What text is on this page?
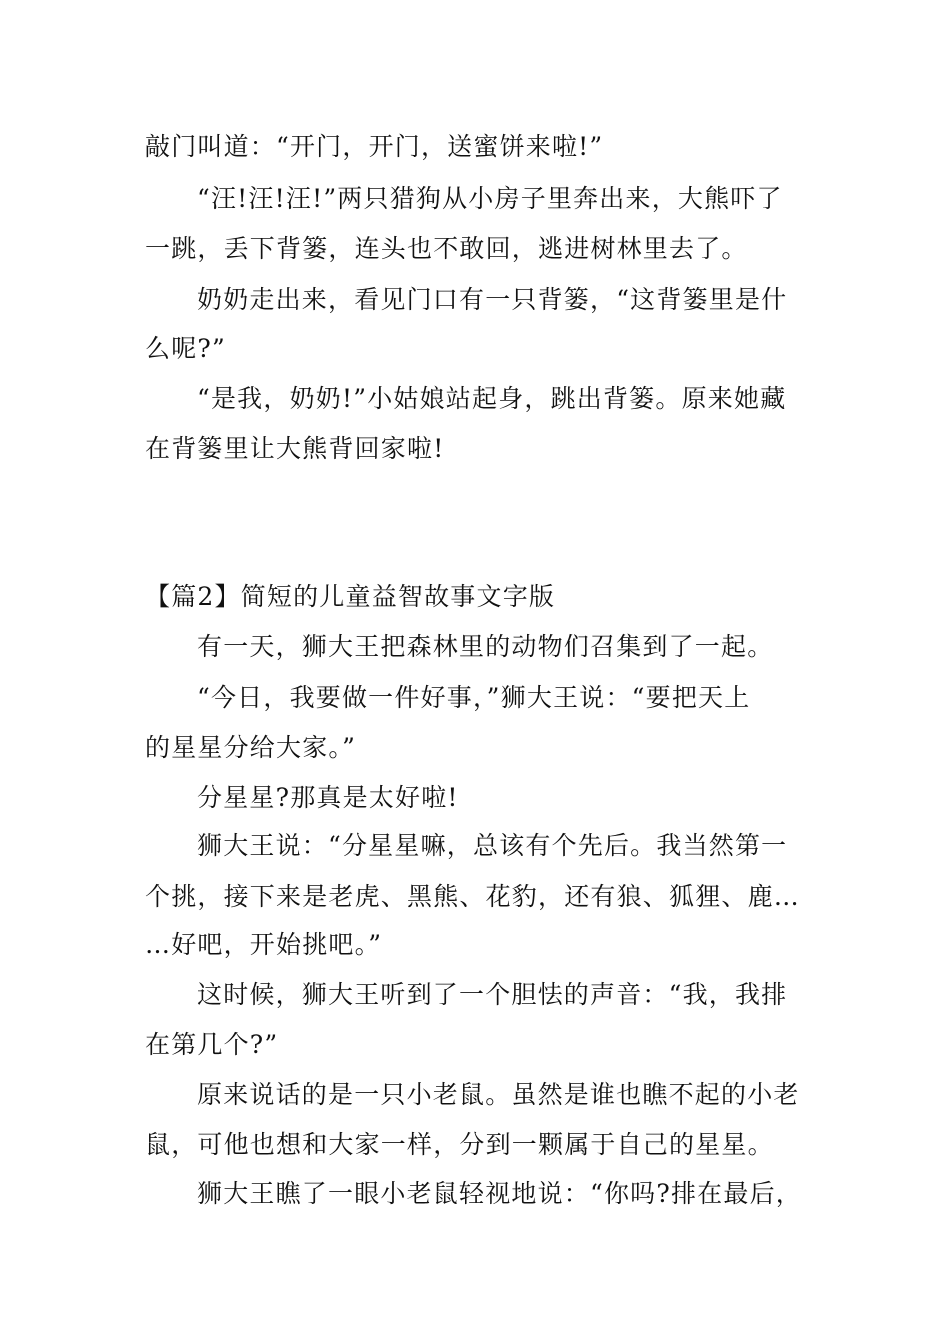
敲门叫道：“开门，开门，送蜜饼来啦!”

“汪!汪!汪!”两只猎狗从小房子里奔出来，大熊吓了

一跳，丢下背篓，连头也不敢回，逃进树林里去了。

奶奶走出来，看见门口有一只背篓，“这背篓里是什

么呢?”

“是我，奶奶!”小姑娘站起身，跳出背篓。原来她藏

在背篓里让大熊背回家啦!

【篇2】简短的儿童益智故事文字版

有一天，狮大王把森林里的动物们召集到了一起。

“今日，我要做一件好事，”狮大王说：“要把天上

的星星分给大家。”

分星星?那真是太好啦!

狮大王说：“分星星嘛，总该有个先后。我当然第一

个挑，接下来是老虎、黑熊、花豹，还有狼、狐狸、鹿…

…好吧，开始挑吧。”

这时候，狮大王听到了一个胆怯的声音：“我，我排

在第几个?”

原来说话的是一只小老鼠。虽然是谁也瞧不起的小老

鼠，可他也想和大家一样，分到一颗属于自己的星星。

狮大王瞧了一眼小老鼠轻视地说：“你吗?排在最后，
